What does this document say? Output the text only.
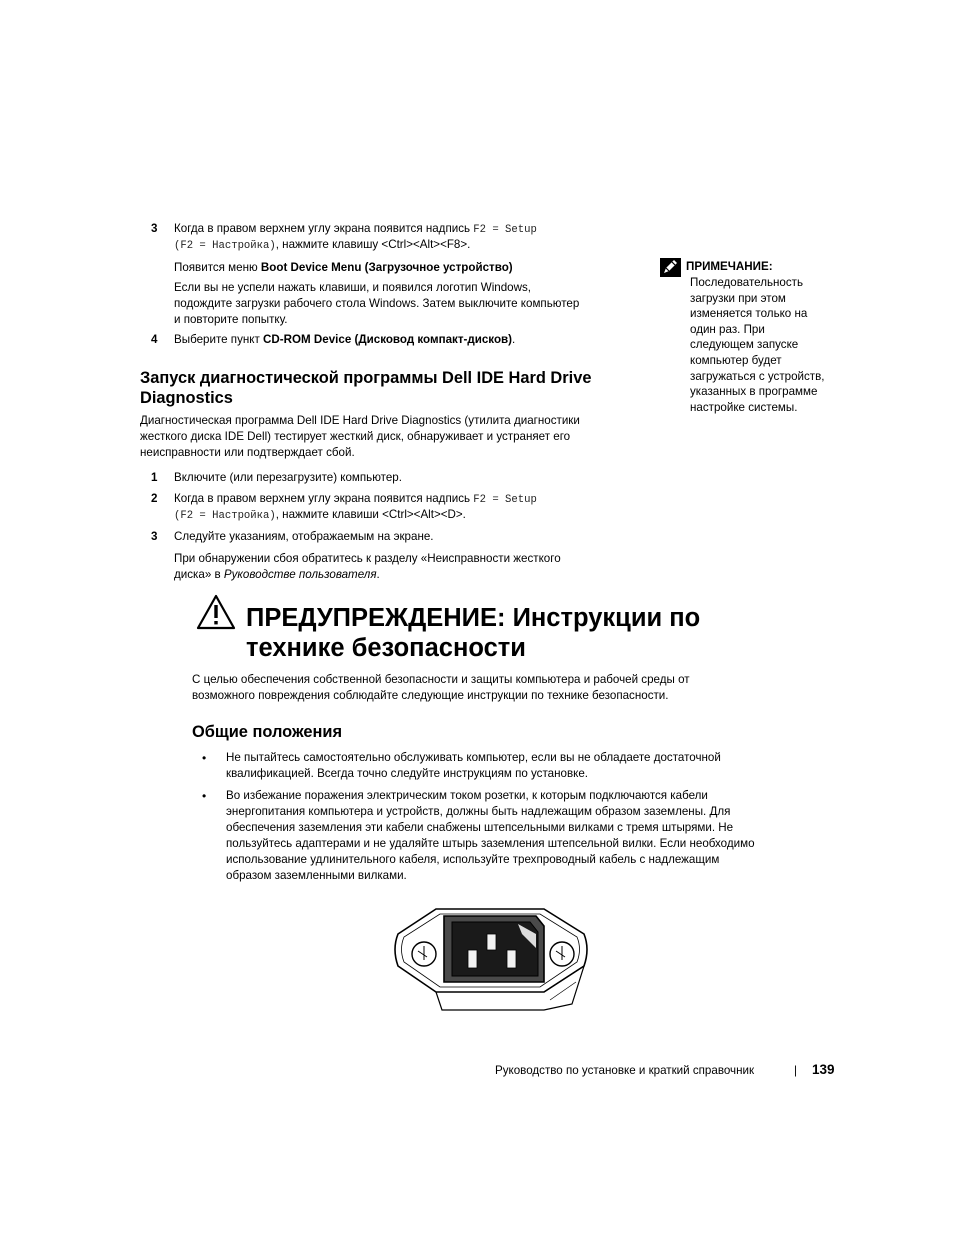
3 Когда в правом верхнем углу экрана появится надпись F2 = Setup
(F2 = Настройка), нажмите клавишу <Ctrl><Alt><F8>.
Появится меню Boot Device Menu (Загрузочное устройство)
Если вы не успели нажать клавиши, и появился логотип Windows,
подождите загрузки рабочего стола Windows. Затем выключите компьютер
и повторите попытку.
4 Выберите пункт CD-ROM Device (Дисковод компакт-дисков).
ПРИМЕЧАНИЕ:
Последовательность
загрузки при этом
изменяется только на
один раз. При
следующем запуске
компьютер будет
загружаться с устройств,
указанных в программе
настройке системы.
Запуск диагностической программы Dell IDE Hard Drive
Diagnostics
Диагностическая программа Dell IDE Hard Drive Diagnostics (утилита диагностики
жесткого диска IDE Dell) тестирует жесткий диск, обнаруживает и устраняет его
неисправности или подтверждает сбой.
1 Включите (или перезагрузите) компьютер.
2 Когда в правом верхнем углу экрана появится надпись F2 = Setup
(F2 = Настройка), нажмите клавиши <Ctrl><Alt><D>.
3 Следуйте указаниям, отображаемым на экране.
При обнаружении сбоя обратитесь к разделу «Неисправности жесткого
диска» в Руководстве пользователя.
ПРЕДУПРЕЖДЕНИЕ: Инструкции по
технике безопасности
С целью обеспечения собственной безопасности и защиты компьютера и рабочей среды от
возможного повреждения соблюдайте следующие инструкции по технике безопасности.
Общие положения
• Не пытайтесь самостоятельно обслуживать компьютер, если вы не обладаете достаточной
квалификацией. Всегда точно следуйте инструкциям по установке.
• Во избежание поражения электрическим током розетки, к которым подключаются кабели
энергопитания компьютера и устройств, должны быть надлежащим образом заземлены. Для
обеспечения заземления эти кабели снабжены штепсельными вилками с тремя штырями. Не
пользуйтесь адаптерами и не удаляйте штырь заземления штепсельной вилки. Если необходимо
использование удлинительного кабеля, используйте трехпроводный кабель с надлежащим
образом заземленными вилками.
Руководство по установке и краткий справочник	| 139
